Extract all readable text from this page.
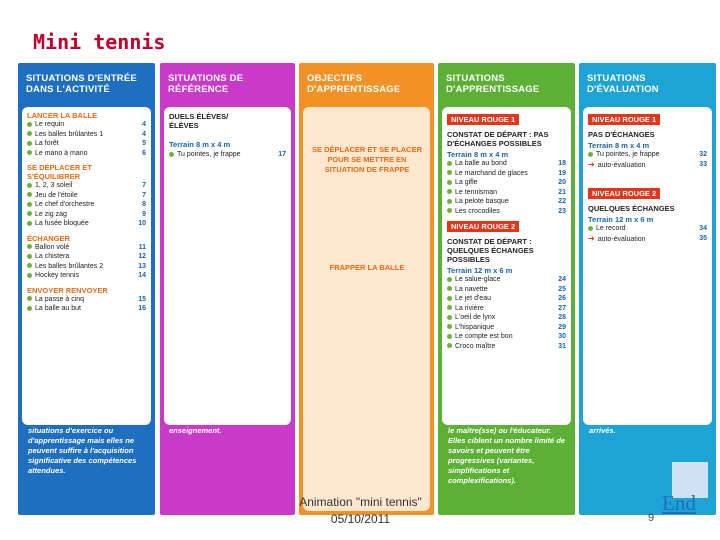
Mini tennis
SITUATIONS D'ENTRÉE DANS L'ACTIVITÉ
LANCER LA BALLE
Le requin	4
Les balles brûlantes 1	4
La forêt	5
Le mano à mano	6
SE DÉPLACER ET S'ÉQUILIBRER
1, 2, 3 soleil	7
Jeu de l'étoile	7
Le chef d'orchestre	8
Le zig zag	9
La fusée bloquée	10
ÉCHANGER
Ballon volé	11
La chistera	12
Les balles brûlantes 2	13
Hockey tennis	14
ENVOYER RENVOYER
La passe à cinq	15
La balle au but	16
Des situations pour mettre dans l'activité et les apprentissages, pour en découvrir les règles et les contraintes. On les retrouvera parfois à l'échauffement ou en situations d'exercice ou d'apprentissage mais elles ne peuvent suffire à l'acquisition significative des compétences attendues.
SITUATIONS DE RÉFÉRENCE
DUELS ÉLÈVES/ÉLÈVES
Terrain 8 m x 4 m
Tu pointes, je frappe	17
Une situation d'évaluation initiale pour voir où en sont mes élèves, leurs besoins et « manques » particuliers, donc pour orienter mon enseignement.
OBJECTIFS D'APPRENTISSAGE
SE DÉPLACER ET SE PLACER POUR SE METTRE EN SITUATION DE FRAPPE
FRAPPER LA BALLE
SITUATIONS D'APPRENTISSAGE
NIVEAU ROUGE 1
CONSTAT DE DÉPART : PAS D'ÉCHANGES POSSIBLES
Terrain 8 m x 4 m
La balle au bond	18
Le marchand de glaces	19
La gifle	20
Le tennisman	21
La pelote basque	22
Les crocodiles	23
NIVEAU ROUGE 2
CONSTAT DE DÉPART : QUELQUES ÉCHANGES POSSIBLES
Terrain 12 m x 6 m
Le salue-glace	24
La navette	25
Le jet d'eau	26
La rivière	27
L'oeil de lynx	28
L'hispanique	29
Le compte est bon	30
Croco maître	31
Des situations d'apprentissage et d'exercice pour progresser, apprendre et s'exercer. Ces situations seront organisées en séances ou leçons par le maître, le maître(sse) ou l'éducateur. Elles ciblent un nombre limité de savoirs et peuvent être progressives (variantes, simplifications et complexifications).
SITUATIONS D'ÉVALUATION
NIVEAU ROUGE 1
PAS D'ÉCHANGES
Terrain 8 m x 4 m
Tu pointes, je frappe	32
➜ auto-évaluation	33
NIVEAU ROUGE 2
QUELQUES ÉCHANGES
Terrain 12 m x 6 m
Le record	34
➜ auto-évaluation	35
Des activités pour une ou des situations d'évaluation finale afin de vérifier ensemble ce que mes élèves ont appris, ce que j'leur ai enseigné, où nous en sommes arrivés.
Animation "mini tennis"
05/10/2011	9
End
